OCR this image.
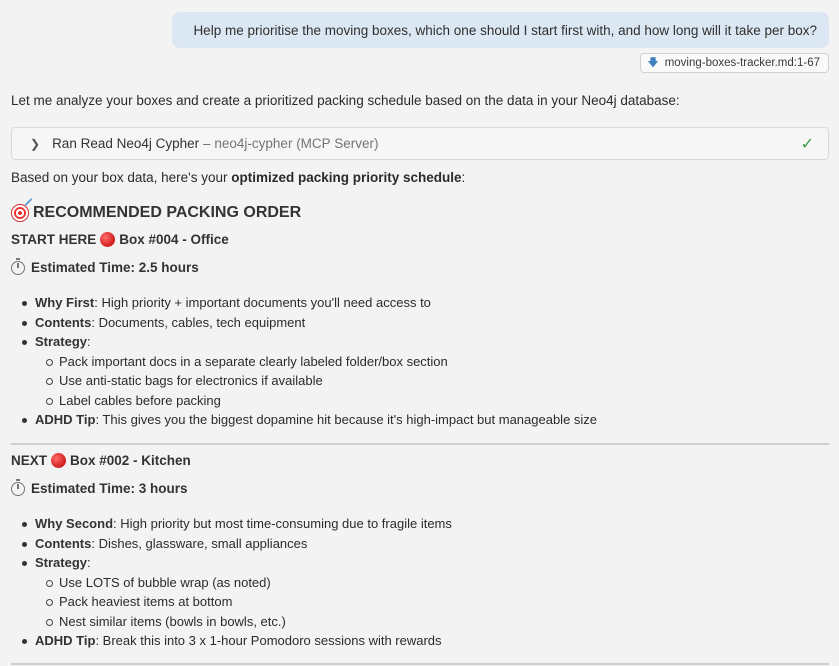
Help me prioritise the moving boxes, which one should I start first with, and how long will it take per box?
🡇 moving-boxes-tracker.md:1-67
Let me analyze your boxes and create a prioritized packing schedule based on the data in your Neo4j database:
❯ Ran Read Neo4j Cypher – neo4j-cypher (MCP Server)	✓
Based on your box data, here's your optimized packing priority schedule:
RECOMMENDED PACKING ORDER
START HERE Box #004 - Office
Estimated Time: 2.5 hours
Why First: High priority + important documents you'll need access to
Contents: Documents, cables, tech equipment
Strategy:
Pack important docs in a separate clearly labeled folder/box section
Use anti-static bags for electronics if available
Label cables before packing
ADHD Tip: This gives you the biggest dopamine hit because it's high-impact but manageable size
NEXT Box #002 - Kitchen
Estimated Time: 3 hours
Why Second: High priority but most time-consuming due to fragile items
Contents: Dishes, glassware, small appliances
Strategy:
Use LOTS of bubble wrap (as noted)
Pack heaviest items at bottom
Nest similar items (bowls in bowls, etc.)
ADHD Tip: Break this into 3 x 1-hour Pomodoro sessions with rewards
